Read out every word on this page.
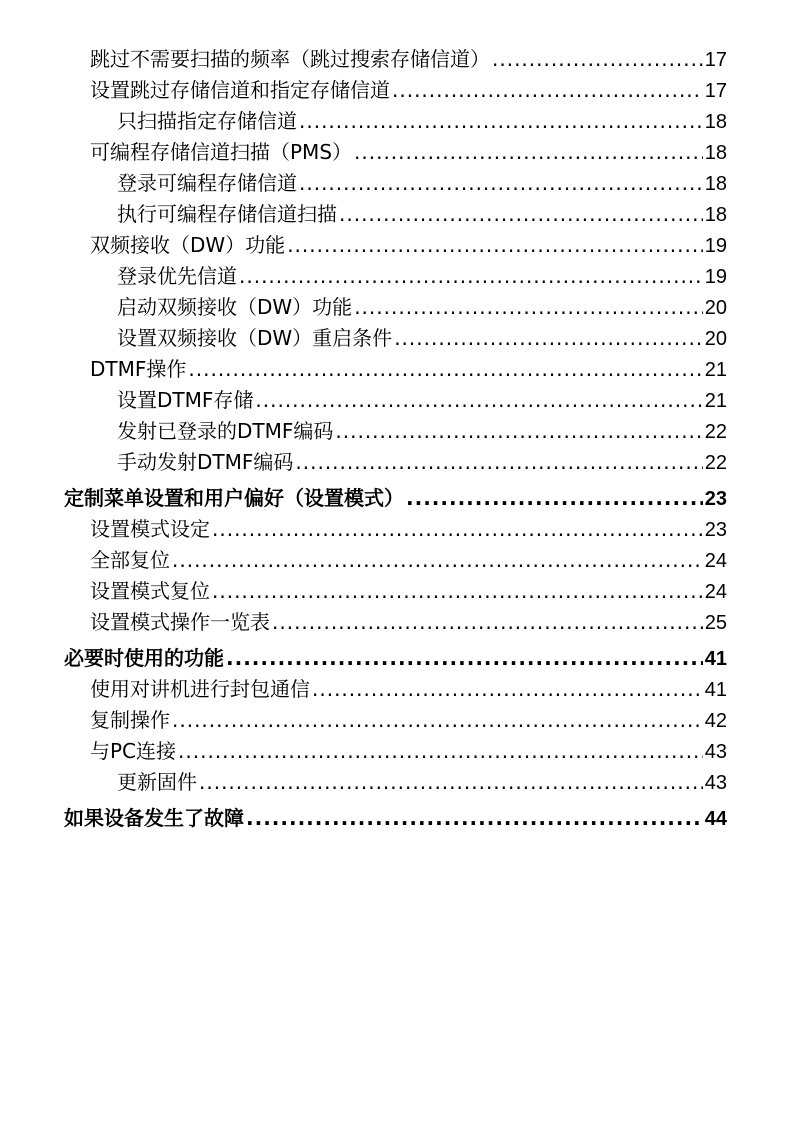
跳过不需要扫描的频率（跳过搜索存储信道） .....	17
设置跳过存储信道和指定存储信道 .....	17
只扫描指定存储信道 .....	18
可编程存储信道扫描（PMS） .....	18
登录可编程存储信道 .....	18
执行可编程存储信道扫描 .....	18
双频接收（DW）功能 .....	19
登录优先信道 .....	19
启动双频接收（DW）功能 .....	20
设置双频接收（DW）重启条件 .....	20
DTMF操作 .....	21
设置DTMF存储 .....	21
发射已登录的DTMF编码 .....	22
手动发射DTMF编码 .....	22
定制菜单设置和用户偏好（设置模式） .....	23
设置模式设定 .....	23
全部复位 .....	24
设置模式复位 .....	24
设置模式操作一览表 .....	25
必要时使用的功能 .....	41
使用对讲机进行封包通信 .....	41
复制操作 .....	42
与PC连接 .....	43
更新固件 .....	43
如果设备发生了故障 .....	44
